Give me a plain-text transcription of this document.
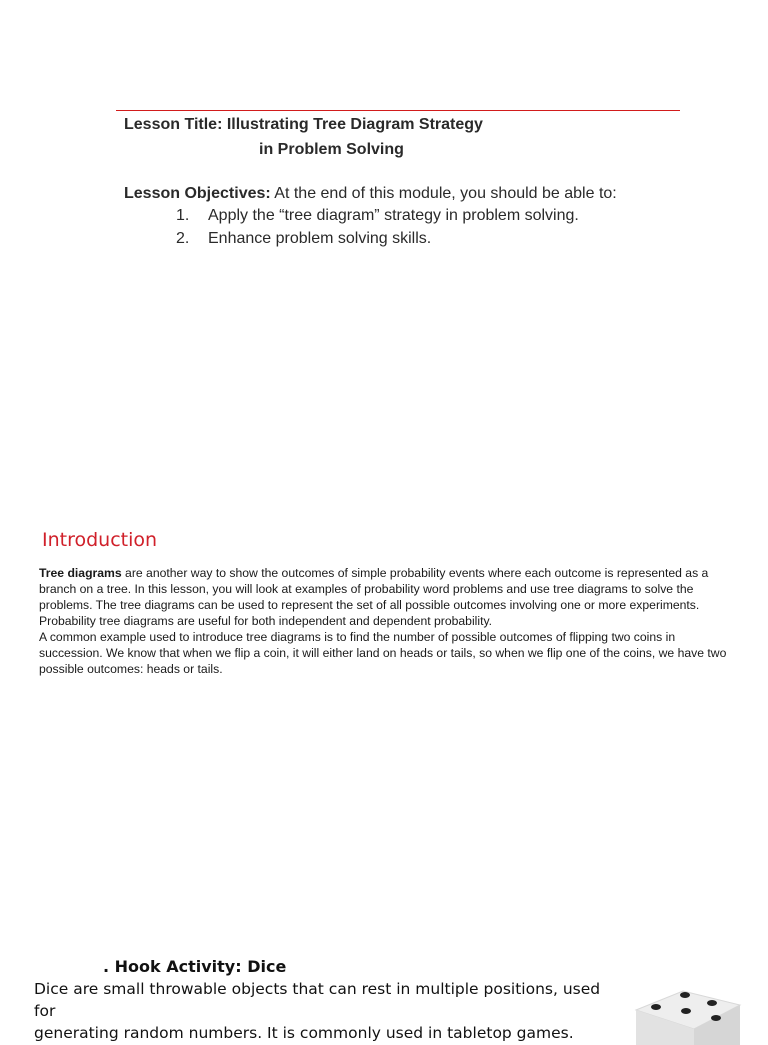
Lesson Title: Illustrating Tree Diagram Strategy
in Problem Solving
Lesson Objectives: At the end of this module, you should be able to:
1. Apply the “tree diagram” strategy in problem solving.
2. Enhance problem solving skills.
Introduction

Tree diagrams are another way to show the outcomes of simple probability events where each outcome is represented as a branch on a tree. In this lesson, you will look at examples of probability word problems and use tree diagrams to solve the problems. The tree diagrams can be used to represent the set of all possible outcomes involving one or more experiments. Probability tree diagrams are useful for both independent and dependent probability.

A common example used to introduce tree diagrams is to find the number of possible outcomes of flipping two coins in succession. We know that when we flip a coin, it will either land on heads or tails, so when we flip one of the coins, we have two possible outcomes: heads or tails.

. Hook Activity: Dice

Dice are small throwable objects that can rest in multiple positions, used for

generating random numbers. It is commonly used in tabletop games.
